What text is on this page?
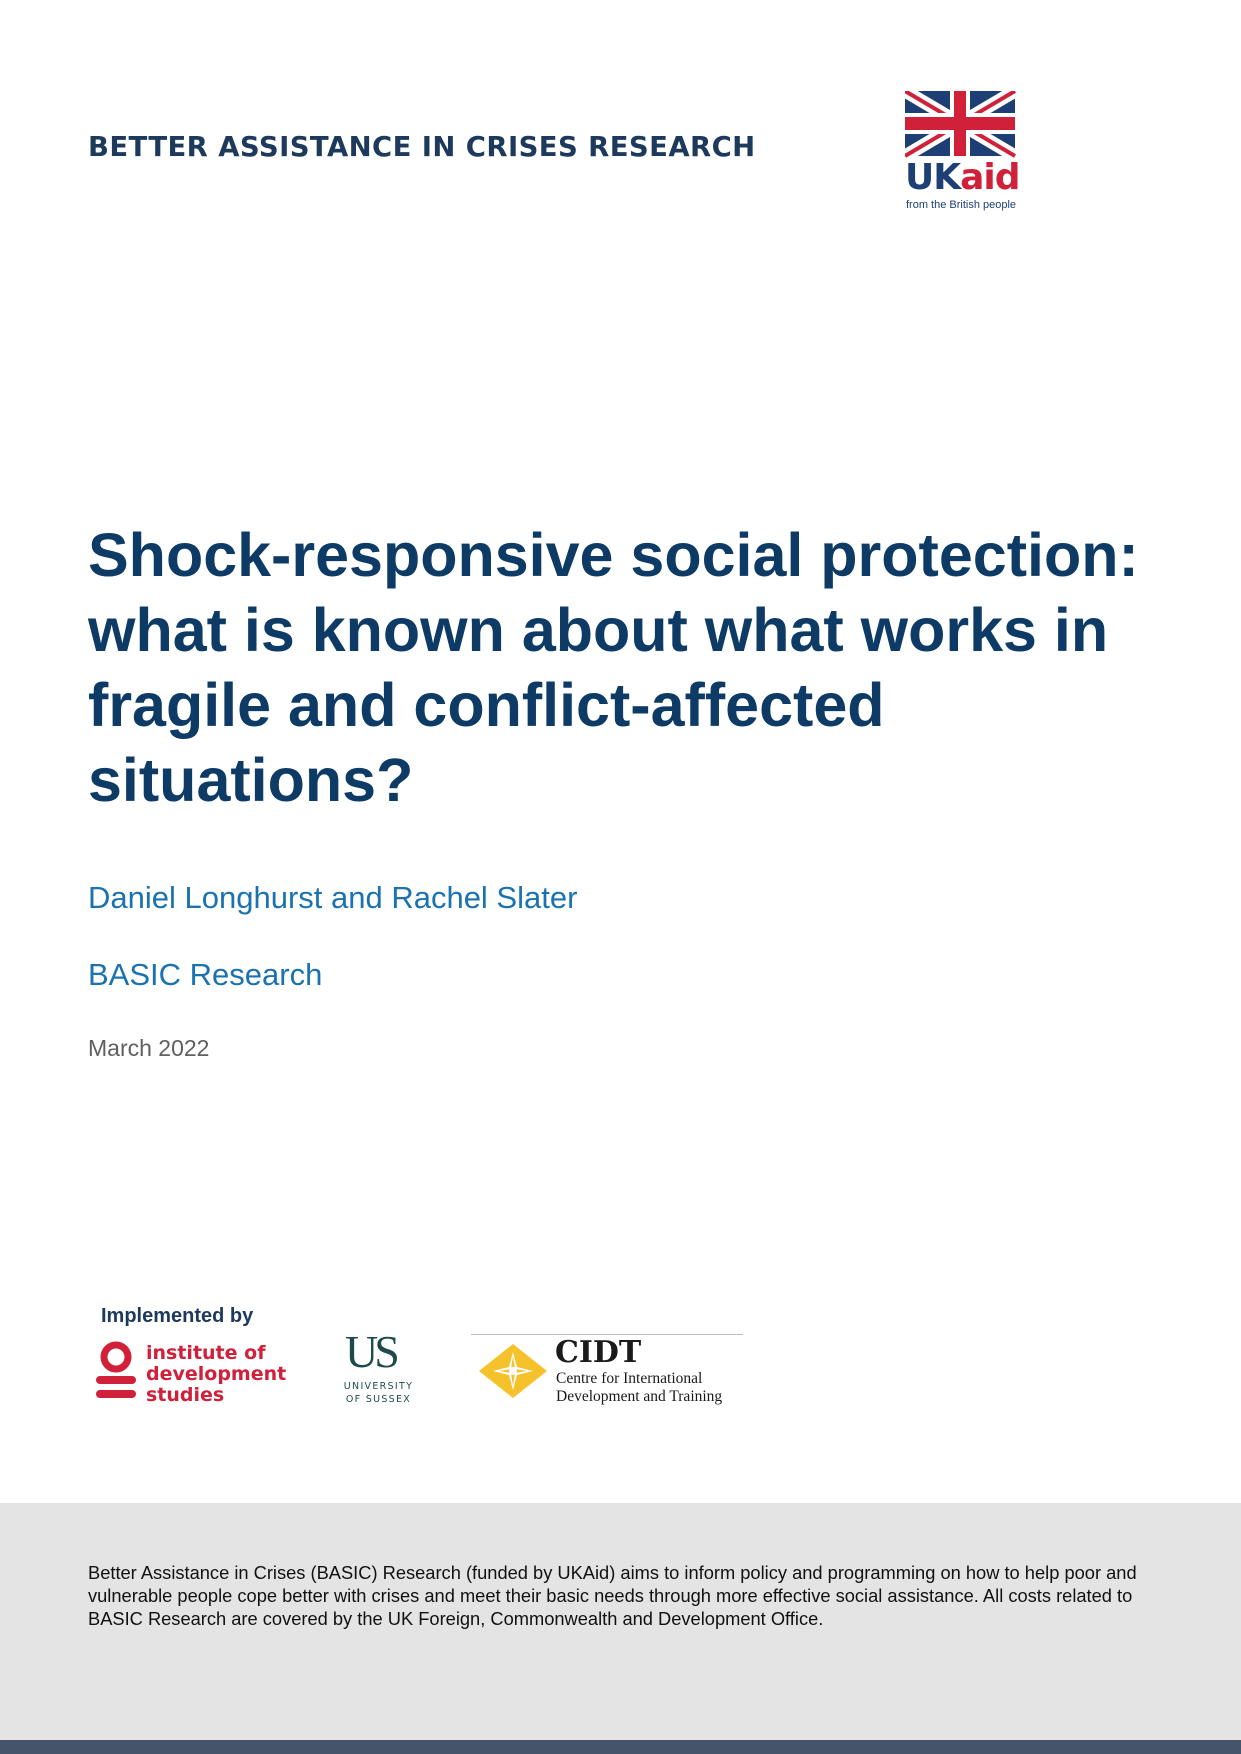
BETTER ASSISTANCE IN CRISES RESEARCH
UKaid
from the British people
Shock-responsive social protection: what is known about what works in fragile and conflict-affected situations?
Daniel Longhurst and Rachel Slater
BASIC Research
March 2022
Implemented by
institute of
development
studies
US
UNIVERSITY
OF SUSSEX
CIDT
Centre for International
Development and Training
Better Assistance in Crises (BASIC) Research (funded by UKAid) aims to inform policy and programming on how to help poor and vulnerable people cope better with crises and meet their basic needs through more effective social assistance. All costs related to BASIC Research are covered by the UK Foreign, Commonwealth and Development Office.
